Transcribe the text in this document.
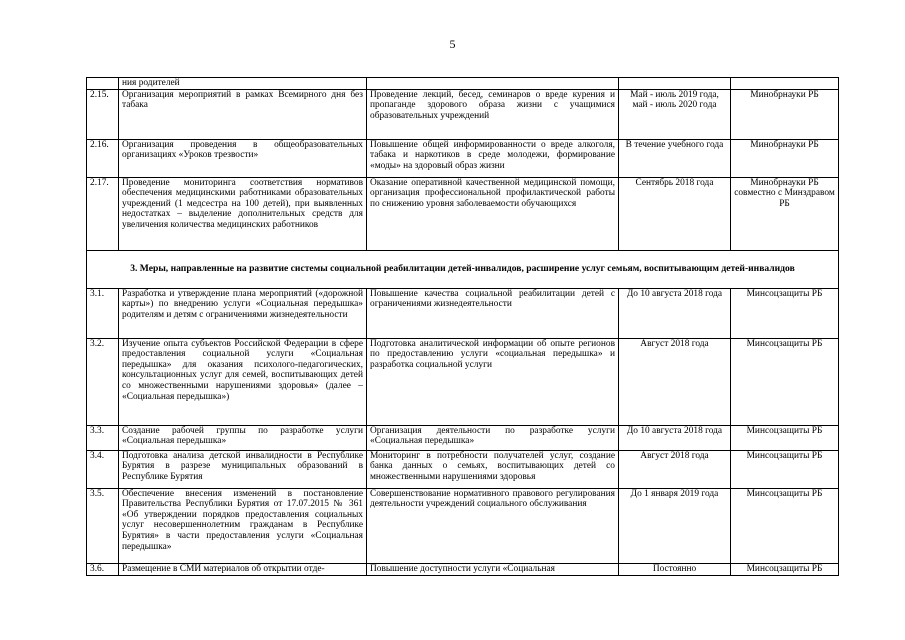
5
	ния родителей			
2.15.	Организация мероприятий в рамках Всемирного дня без табака	Проведение лекций, бесед, семинаров о вреде курения и пропаганде здорового образа жизни с учащимися образовательных учреждений	Май - июль 2019 года, май - июль 2020 года	Минобрнауки РБ
2.16.	Организация проведения в общеобразовательных организациях «Уроков трезвости»	Повышение общей информированности о вреде алкоголя, табака и наркотиков в среде молодежи, формирование «моды» на здоровый образ жизни	В течение учебного года	Минобрнауки РБ
2.17.	Проведение мониторинга соответствия нормативов обеспечения медицинскими работниками образовательных учреждений (1 медсестра на 100 детей), при выявленных недостатках – выделение дополнительных средств для увеличения количества медицинских работников	Оказание оперативной качественной медицинской помощи, организация профессиональной профилактической работы по снижению уровня заболеваемости обучающихся	Сентябрь 2018 года	Минобрнауки РБ совместно с Минздравом РБ
3. Меры, направленные на развитие системы социальной реабилитации детей-инвалидов, расширение услуг семьям, воспитывающим детей-инвалидов				
3.1.	Разработка и утверждение плана мероприятий («дорожной карты») по внедрению услуги «Социальная передышка» родителям и детям с ограничениями жизнедеятельности	Повышение качества социальной реабилитации детей с ограничениями жизнедеятельности	До 10 августа 2018 года	Минсоцзащиты РБ
3.2.	Изучение опыта субъектов Российской Федерации в сфере предоставления социальной услуги «Социальная передышка» для оказания психолого-педагогических, консультационных услуг для семей, воспитывающих детей со множественными нарушениями здоровья» (далее – «Социальная передышка»)	Подготовка аналитической информации об опыте регионов по предоставлению услуги «социальная передышка» и разработка социальной услуги	Август 2018 года	Минсоцзащиты РБ
3.3.	Создание рабочей группы по разработке услуги «Социальная передышка»	Организация деятельности по разработке услуги «Социальная передышка»	До 10 августа 2018 года	Минсоцзащиты РБ
3.4.	Подготовка анализа детской инвалидности в Республике Бурятия в разрезе муниципальных образований в Республике Бурятия	Мониторинг в потребности получателей услуг, создание банка данных о семьях, воспитывающих детей со множественными нарушениями здоровья	Август 2018 года	Минсоцзащиты РБ
3.5.	Обеспечение внесения изменений в постановление Правительства Республики Бурятия от 17.07.2015 № 361 «Об утверждении порядков предоставления социальных услуг несовершеннолетним гражданам в Республике Бурятия» в части предоставления услуги «Социальная передышка»	Совершенствование нормативного правового регулирования деятельности учреждений социального обслуживания	До 1 января 2019 года	Минсоцзащиты РБ
3.6.	Размещение в СМИ материалов об открытии отде-	Повышение доступности услуги «Социальная	Постоянно	Минсоцзащиты РБ
